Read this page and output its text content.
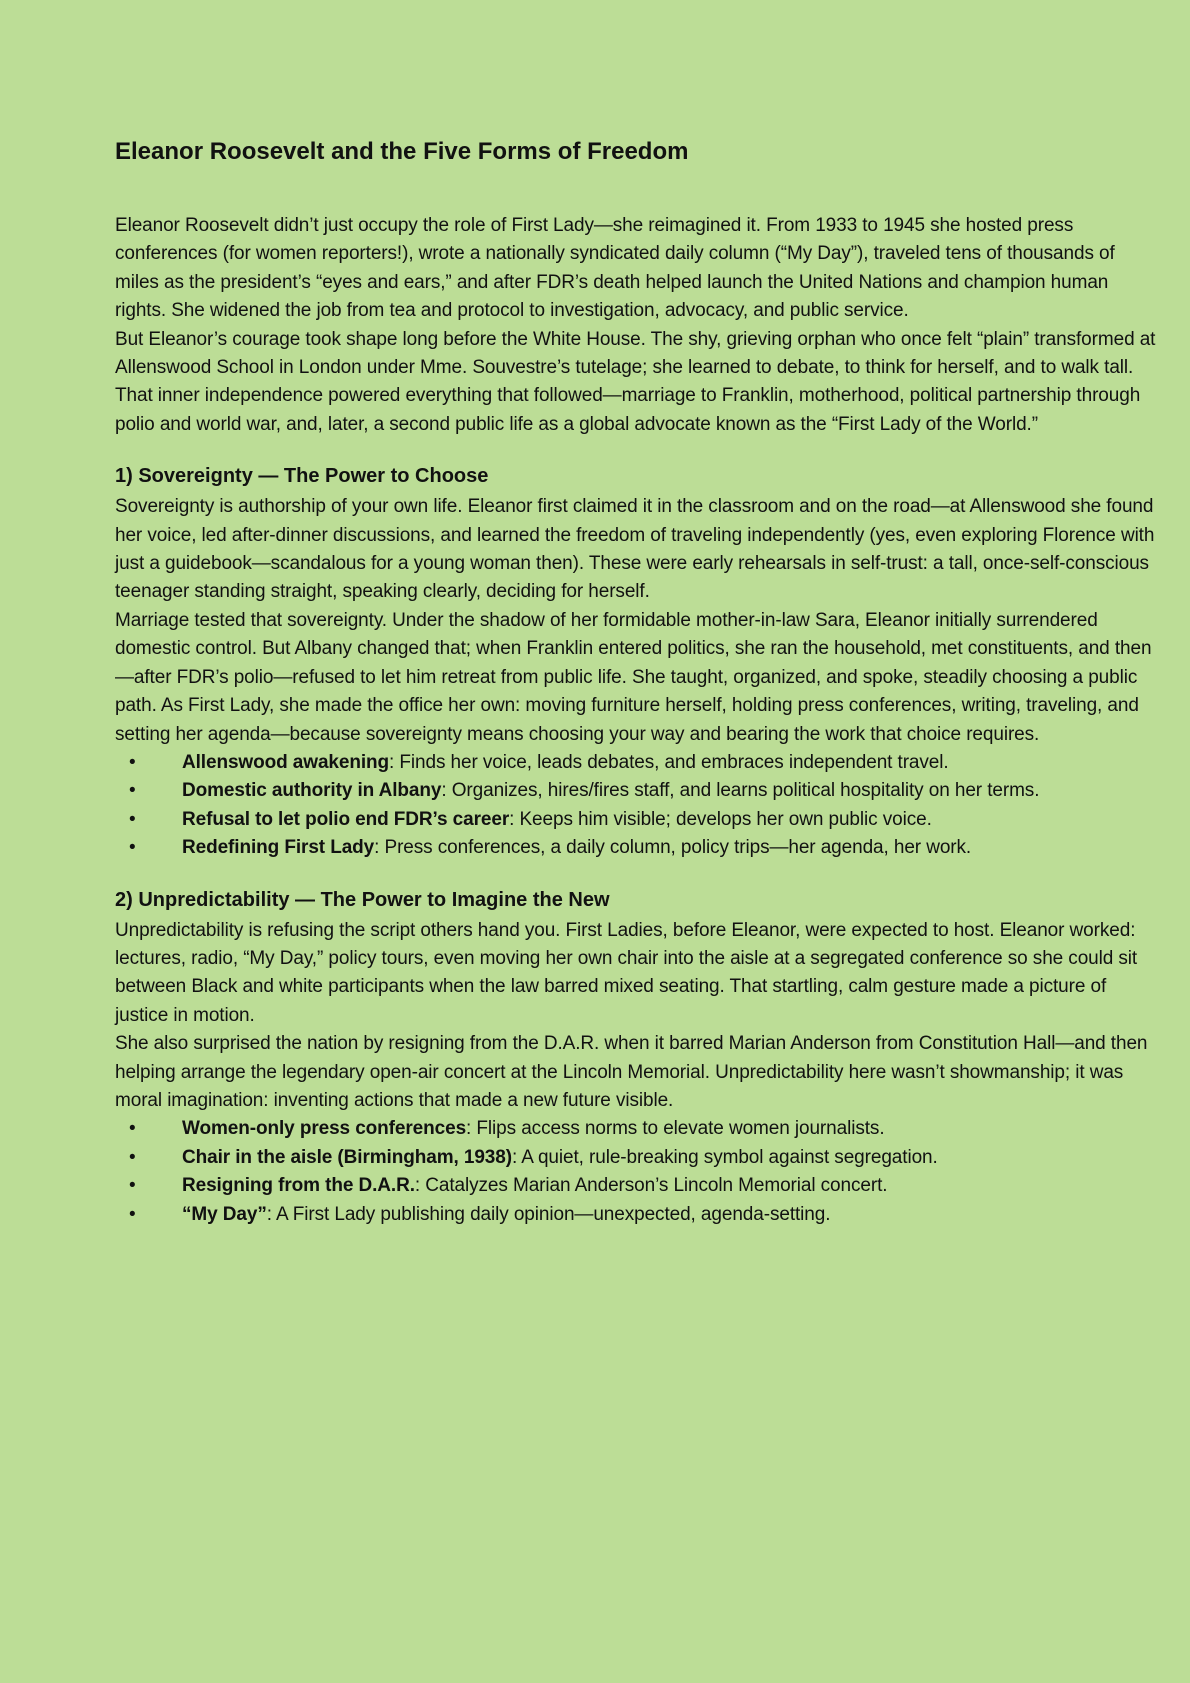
Eleanor Roosevelt and the Five Forms of Freedom

Eleanor Roosevelt didn’t just occupy the role of First Lady—she reimagined it. From 1933 to 1945 she hosted press conferences (for women reporters!), wrote a nationally syndicated daily column (“My Day”), traveled tens of thousands of miles as the president’s “eyes and ears,” and after FDR’s death helped launch the United Nations and champion human rights. She widened the job from tea and protocol to investigation, advocacy, and public service.

But Eleanor’s courage took shape long before the White House. The shy, grieving orphan who once felt “plain” transformed at Allenswood School in London under Mme. Souvestre’s tutelage; she learned to debate, to think for herself, and to walk tall. That inner independence powered everything that followed—marriage to Franklin, motherhood, political partnership through polio and world war, and, later, a second public life as a global advocate known as the “First Lady of the World.”

1) Sovereignty — The Power to Choose

Sovereignty is authorship of your own life. Eleanor first claimed it in the classroom and on the road—at Allenswood she found her voice, led after-dinner discussions, and learned the freedom of traveling independently (yes, even exploring Florence with just a guidebook—scandalous for a young woman then). These were early rehearsals in self-trust: a tall, once-self-conscious teenager standing straight, speaking clearly, deciding for herself.

Marriage tested that sovereignty. Under the shadow of her formidable mother-in-law Sara, Eleanor initially surrendered domestic control. But Albany changed that; when Franklin entered politics, she ran the household, met constituents, and then—after FDR’s polio—refused to let him retreat from public life. She taught, organized, and spoke, steadily choosing a public path. As First Lady, she made the office her own: moving furniture herself, holding press conferences, writing, traveling, and setting her agenda—because sovereignty means choosing your way and bearing the work that choice requires.

• Allenswood awakening: Finds her voice, leads debates, and embraces independent travel.
• Domestic authority in Albany: Organizes, hires/fires staff, and learns political hospitality on her terms.
• Refusal to let polio end FDR’s career: Keeps him visible; develops her own public voice.
• Redefining First Lady: Press conferences, a daily column, policy trips—her agenda, her work.
2) Unpredictability — The Power to Imagine the New

Unpredictability is refusing the script others hand you. First Ladies, before Eleanor, were expected to host. Eleanor worked: lectures, radio, “My Day,” policy tours, even moving her own chair into the aisle at a segregated conference so she could sit between Black and white participants when the law barred mixed seating. That startling, calm gesture made a picture of justice in motion.

She also surprised the nation by resigning from the D.A.R. when it barred Marian Anderson from Constitution Hall—and then helping arrange the legendary open-air concert at the Lincoln Memorial. Unpredictability here wasn’t showmanship; it was moral imagination: inventing actions that made a new future visible.

• Women-only press conferences: Flips access norms to elevate women journalists.
• Chair in the aisle (Birmingham, 1938): A quiet, rule-breaking symbol against segregation.
• Resigning from the D.A.R.: Catalyzes Marian Anderson’s Lincoln Memorial concert.
• “My Day”: A First Lady publishing daily opinion—unexpected, agenda-setting.
